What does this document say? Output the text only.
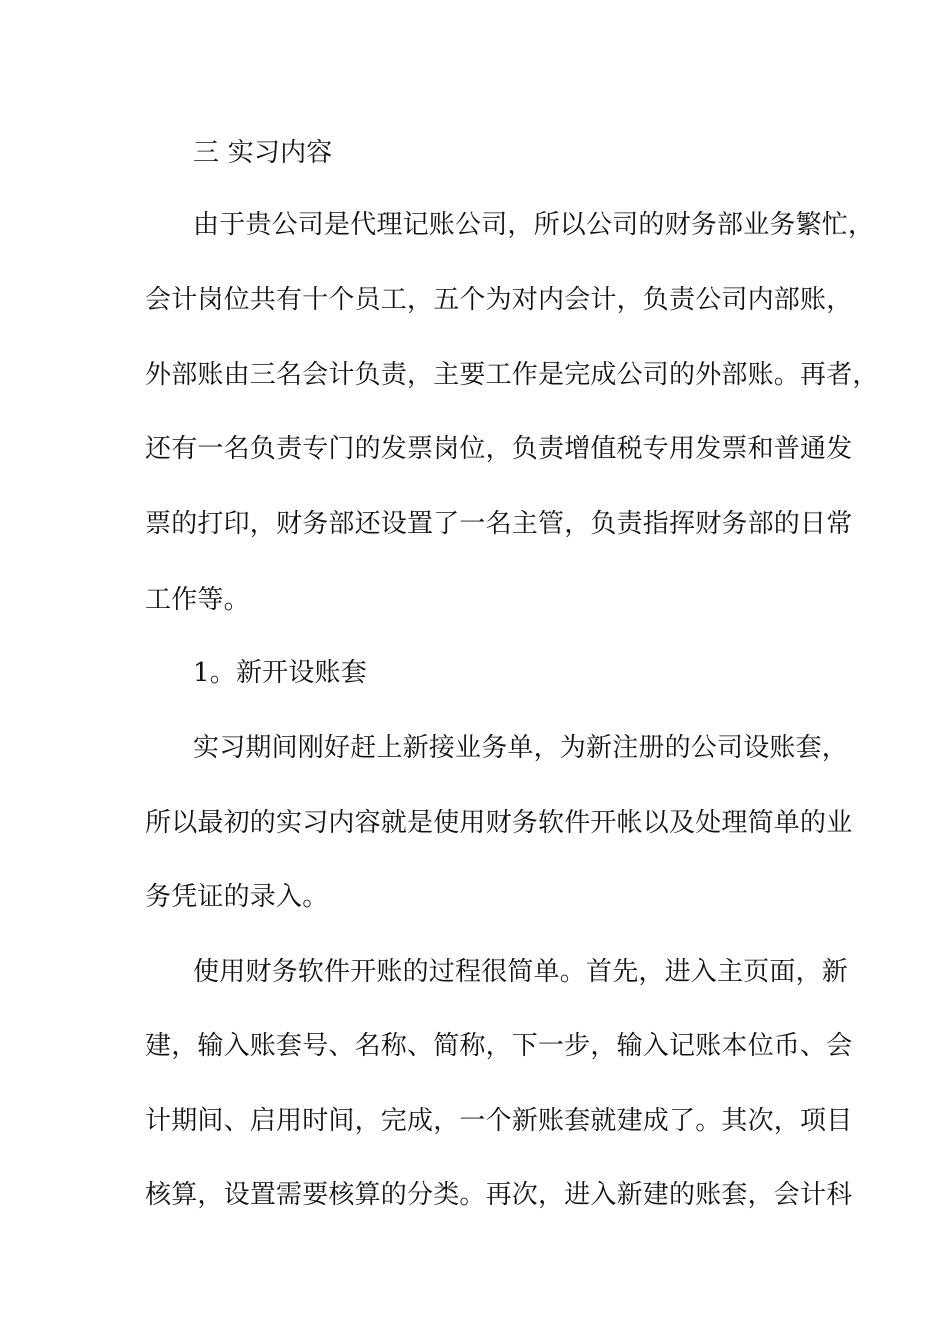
三 实习内容
由于贵公司是代理记账公司，所以公司的财务部业务繁忙，
会计岗位共有十个员工，五个为对内会计，负责公司内部账，
外部账由三名会计负责，主要工作是完成公司的外部账。再者，
还有一名负责专门的发票岗位，负责增值税专用发票和普通发
票的打印，财务部还设置了一名主管，负责指挥财务部的日常
工作等。
1。新开设账套
实习期间刚好赶上新接业务单，为新注册的公司设账套，
所以最初的实习内容就是使用财务软件开帐以及处理简单的业
务凭证的录入。
使用财务软件开账的过程很简单。首先，进入主页面，新
建，输入账套号、名称、简称，下一步，输入记账本位币、会
计期间、启用时间，完成，一个新账套就建成了。其次，项目
核算，设置需要核算的分类。再次，进入新建的账套，会计科
